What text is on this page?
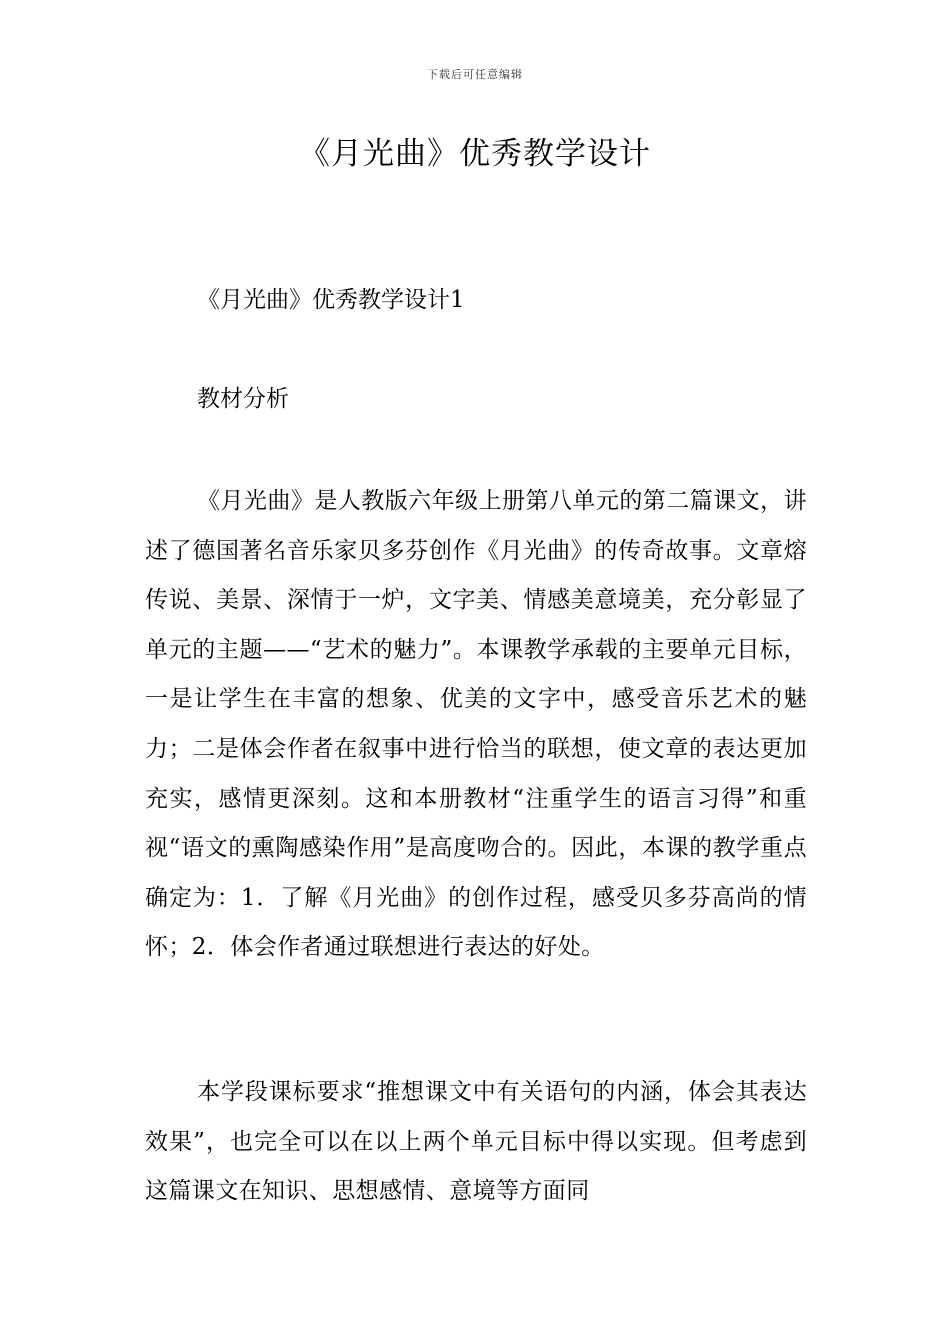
下载后可任意编辑
《月光曲》优秀教学设计
《月光曲》优秀教学设计1
教材分析

《月光曲》是人教版六年级上册第八单元的第二篇课文，讲述了德国著名音乐家贝多芬创作《月光曲》的传奇故事。文章熔传说、美景、深情于一炉，文字美、情感美意境美，充分彰显了单元的主题——“艺术的魅力”。本课教学承载的主要单元目标，一是让学生在丰富的想象、优美的文字中，感受音乐艺术的魅力；二是体会作者在叙事中进行恰当的联想，使文章的表达更加充实，感情更深刻。这和本册教材“注重学生的语言习得”和重视“语文的熏陶感染作用”是高度吻合的。因此，本课的教学重点确定为：1．了解《月光曲》的创作过程，感受贝多芬高尚的情怀；2．体会作者通过联想进行表达的好处。

本学段课标要求“推想课文中有关语句的内涵，体会其表达效果”，也完全可以在以上两个单元目标中得以实现。但考虑到这篇课文在知识、思想感情、意境等方面同
